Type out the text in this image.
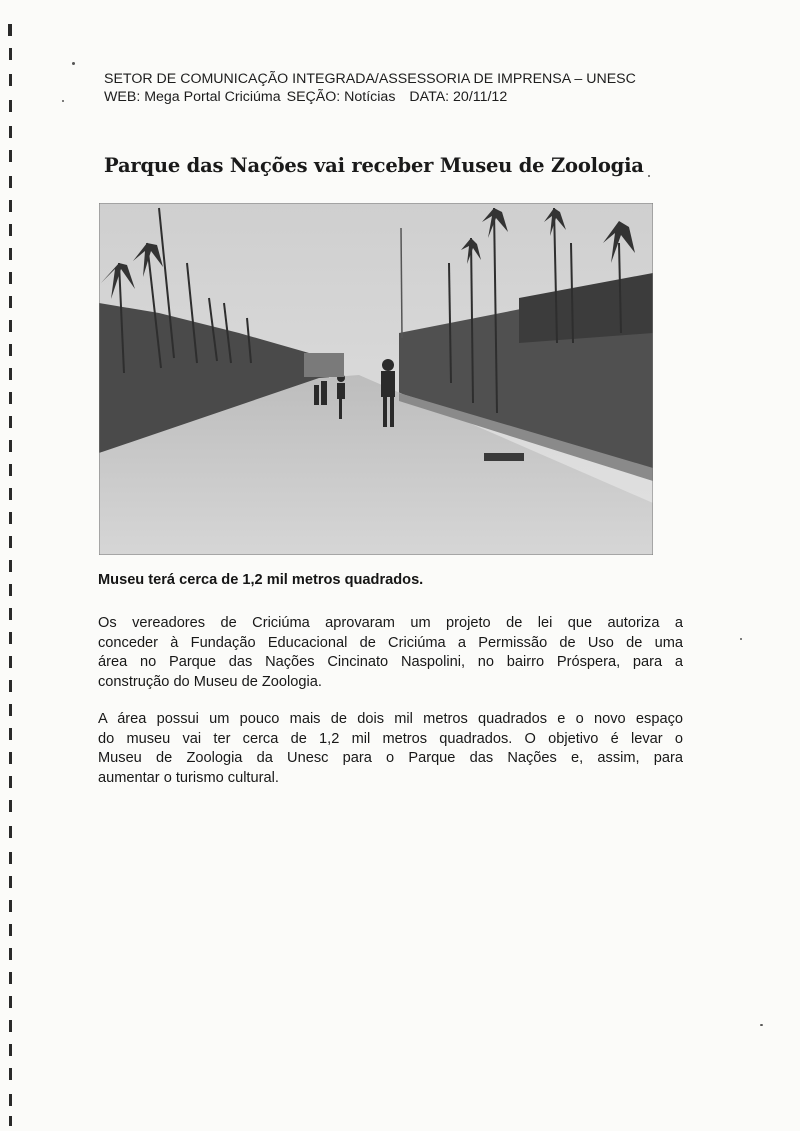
SETOR DE COMUNICAÇÃO INTEGRADA/ASSESSORIA DE IMPRENSA – UNESC
WEB: Mega Portal Criciúma SEÇÃO: Notícias DATA: 20/11/12
Parque das Nações vai receber Museu de Zoologia

Museu terá cerca de 1,2 mil metros quadrados.

Os vereadores de Criciúma aprovaram um projeto de lei que autoriza a
conceder à Fundação Educacional de Criciúma a Permissão de Uso de uma
área no Parque das Nações Cincinato Naspolini, no bairro Próspera, para a
construção do Museu de Zoologia.
A área possui um pouco mais de dois mil metros quadrados e o novo espaço
do museu vai ter cerca de 1,2 mil metros quadrados. O objetivo é levar o
Museu de Zoologia da Unesc para o Parque das Nações e, assim, para
aumentar o turismo cultural.
